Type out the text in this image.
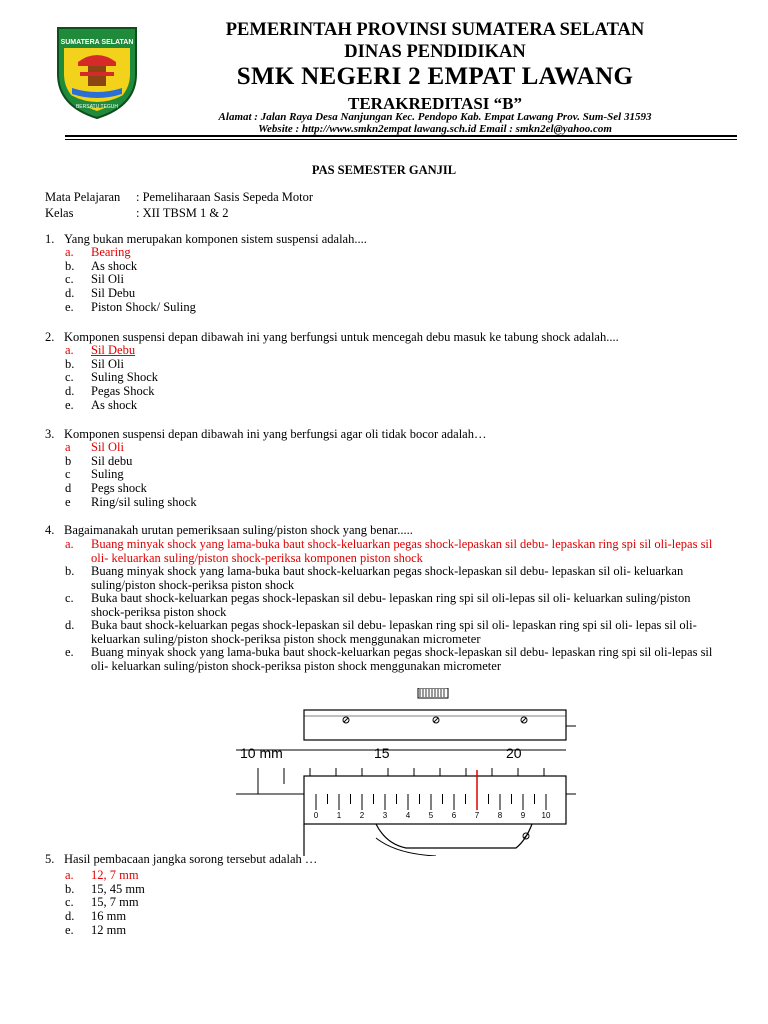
SUMATERA SELATAN
BERSATU TEGUH
PEMERINTAH PROVINSI SUMATERA SELATAN
DINAS PENDIDIKAN
SMK NEGERI 2 EMPAT LAWANG
TERAKREDITASI “B”
Alamat : Jalan Raya Desa Nanjungan Kec. Pendopo Kab. Empat Lawang Prov. Sum-Sel 31593
Website : http://www.smkn2empat lawang.sch.id Email : smkn2el@yahoo.com
PAS SEMESTER GANJIL
Mata Pelajaran : Pemeliharaan Sasis Sepeda Motor
Kelas	: XII TBSM 1 & 2
1. Yang bukan merupakan komponen sistem suspensi adalah....
a.	Bearing
b.	As shock
c.	Sil Oli
d.	Sil Debu
e.	Piston Shock/ Suling
2. Komponen suspensi depan dibawah ini yang berfungsi untuk mencegah debu masuk ke tabung shock adalah....
a.	Sil Debu
b.	Sil Oli
c.	Suling Shock
d.	Pegas Shock
e.	As shock
3. Komponen suspensi depan dibawah ini yang berfungsi agar oli tidak bocor adalah…
a	Sil Oli
b	Sil debu
c	Suling
d	Pegs shock
e	Ring/sil suling shock
4. Bagaimanakah urutan pemeriksaan suling/piston shock yang benar.....
a.	Buang minyak shock yang lama-buka baut shock-keluarkan pegas shock-lepaskan sil debu- lepaskan ring spi sil oli-lepas sil oli- keluarkan suling/piston shock-periksa komponen piston shock
b.	Buang minyak shock yang lama-buka baut shock-keluarkan pegas shock-lepaskan sil debu- lepaskan sil oli- keluarkan suling/piston shock-periksa piston shock
c.	Buka baut shock-keluarkan pegas shock-lepaskan sil debu- lepaskan ring spi sil oli-lepas sil oli- keluarkan suling/piston shock-periksa piston shock
d.	Buka baut shock-keluarkan pegas shock-lepaskan sil debu- lepaskan ring spi sil oli- lepaskan ring spi sil oli- lepas sil oli- keluarkan suling/piston shock-periksa piston shock menggunakan micrometer
e.	Buang minyak shock yang lama-buka baut shock-keluarkan pegas shock-lepaskan sil debu- lepaskan ring spi sil oli-lepas sil oli- keluarkan suling/piston shock-periksa piston shock menggunakan micrometer
10 mm	15	20
0 1 2 3 4 5 6 7 8 9 10
5. Hasil pembacaan jangka sorong tersebut adalah …
a.	12, 7 mm
b.	15, 45 mm
c.	15, 7 mm
d.	16 mm
e.	12 mm
